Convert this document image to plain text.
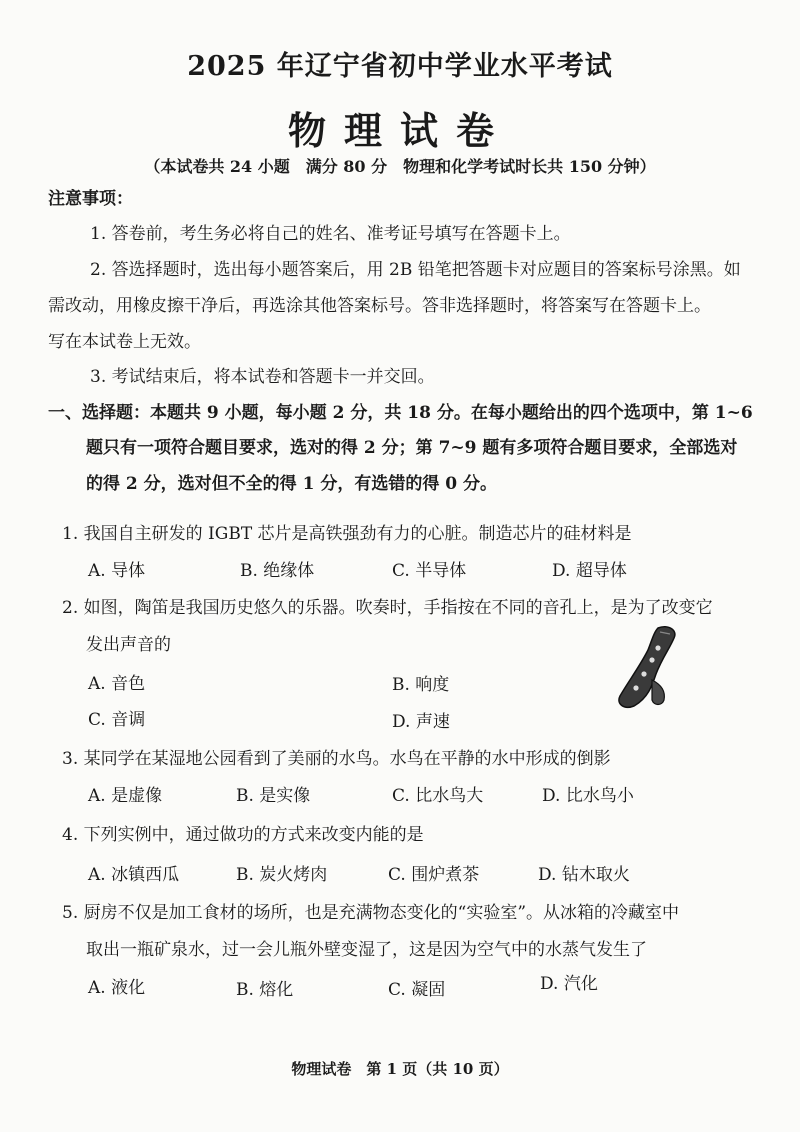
2025 年辽宁省初中学业水平考试
物理试卷
（本试卷共 24 小题　满分 80 分　物理和化学考试时长共 150 分钟）
注意事项：
1. 答卷前，考生务必将自己的姓名、准考证号填写在答题卡上。
2. 答选择题时，选出每小题答案后，用 2B 铅笔把答题卡对应题目的答案标号涂黑。如
需改动，用橡皮擦干净后，再选涂其他答案标号。答非选择题时，将答案写在答题卡上。
写在本试卷上无效。
3. 考试结束后，将本试卷和答题卡一并交回。
一、选择题：本题共 9 小题，每小题 2 分，共 18 分。在每小题给出的四个选项中，第 1~6
题只有一项符合题目要求，选对的得 2 分；第 7~9 题有多项符合题目要求，全部选对
的得 2 分，选对但不全的得 1 分，有选错的得 0 分。
1. 我国自主研发的 IGBT 芯片是高铁强劲有力的心脏。制造芯片的硅材料是
A. 导体	B. 绝缘体	C. 半导体	D. 超导体
2. 如图，陶笛是我国历史悠久的乐器。吹奏时，手指按在不同的音孔上，是为了改变它
发出声音的
A. 音色	B. 响度
C. 音调	D. 声速
3. 某同学在某湿地公园看到了美丽的水鸟。水鸟在平静的水中形成的倒影
A. 是虚像	B. 是实像	C. 比水鸟大	D. 比水鸟小
4. 下列实例中，通过做功的方式来改变内能的是
A. 冰镇西瓜	B. 炭火烤肉	C. 围炉煮茶	D. 钻木取火
5. 厨房不仅是加工食材的场所，也是充满物态变化的“实验室”。从冰箱的冷藏室中
取出一瓶矿泉水，过一会儿瓶外壁变湿了，这是因为空气中的水蒸气发生了
A. 液化	B. 熔化	C. 凝固	D. 汽化
物理试卷　第 1 页（共 10 页）
